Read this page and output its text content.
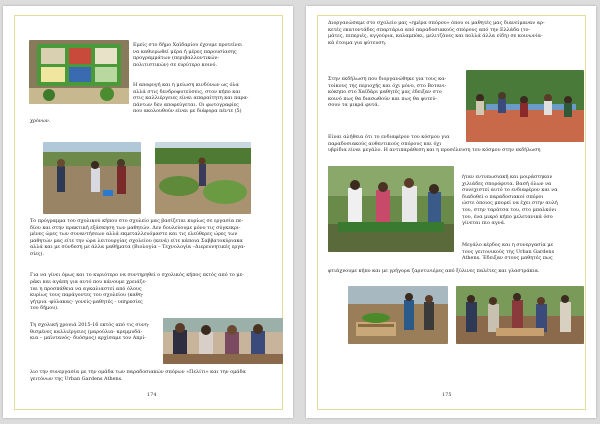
Εμείς στο δήμο Χαϊδαρίου έχουμε προτείνει
να καθιερωθεί μέρα ή μέρες παρουσίασης
προγραμμάτων (περιβαλλοντικών-
πολιτιστικών) σε ευρύτερο κοινό.
Η αποφυγή και η μείωση κινδύνων ως όλα
αλλά στις δενδροφυτεύσεις, στον κήπο και
στις καλλιέργειες είναι απαραίτητη και παρα-
πάντων δεν αποφεύγεται. Οι φωτογραφίες
που ακολουθούν είναι με διάφορα πέντε (5)
χρόνων.
Το πρόγραμμα του σχολικού κήπου στο σχολείο μας βασίζεται κυρίως σε εργασία πε-
δίου και στην πρακτική εξάσκηση των μαθητών. Δεν δουλεύουμε μόνο τις σύγκεκρι-
μένες ώρες των συναντήσεων αλλά εκμεταλλευόμαστε και τις ελεύθερες ώρες των
μαθητών μας είτε την ώρα λειτουργίας σχολείου (κενά) είτε κάποια Σαββατοκύριακα
αλλά και με σύνδεση με άλλα μαθήματα (Βιολογία – Τεχνολογία –Διερευνητικές εργα-
σίες).
Για να γίνει όμως και το κυριότερο να συντηρηθεί ο σχολικός κήπος εκτός από το με-
ράκι και αγάπη για αυτό που κάνουμε χρειάζε-
ται η προσπάθεια να αγκαλιαστεί από όλους
κυρίως τους παράγοντες του σχολείου (καθη-
γήτρια -φύλακας- γονείς-μαθητές - υπηρεσίες
του δήμου).
Τη σχολική χρονιά 2015-16 εκτός από τις συνη-
θισμένες καλλιέργειες (μαρούλια- κρεμμυδά-
κια – μαϊντανός- δυόσμος) αρχίσαμε τον Απρί-
λιο την συνεργασία με την ομάδα των παραδοσιακών σπόρων «Πελίτι» και την ομάδα
γειτόνων της Urban Gardens Athens.
174
Διοργανώσαμε στο σχολείο μας «ημέρα σπόρου» όπου οι μαθητές μας διανείμαναν αρ-
κετές εκατοντάδες σπαρτάρια από παραδοσιακούς σπόρους από την Ελλάδα (το-
μάτες, πιπεριές, αγγούρια, καλαμπόκι, μελιτζάνες και πολλά άλλα είδη) σε κοινωνία-
κά έτοιμα για φύτευση.
Στην εκδήλωση που διοργανώθηκε για τους κα-
τοίκους της περιοχής και όχι μόνο, στο Βοτανι-
κόκηπο στο Χαϊδάρι μαθητές μας έδειξαν στο
κοινό πως θα διασωθούν και πως θα φυτεύ-
σουν τα μικρά φυτά.
Είναι αλήθεια ότι το ενδιαφέρον του κόσμου για
παραδοσιακούς αυθεντικούς σπόρους και όχι
υβρίδια είναι μεγάλο. Η αντιπαράθεση και η προσέλευση του κόσμου στην εκδήλωση
ήταν εντυπωσιακή και μοιράστηκαν
χιλιάδες σπορόφυτα. Βασή όλων να
συνεχιστεί αυτό το ενδιαφέρον και να
διαδοθεί ο παραδοσιακοί σπόροι
ώστε όποιος μπορεί να έχει στην αυλή
του, στην ταράτσα του, στο μπαλκόνι
του, ένα μικρό κήπο μελετανικά όσο
γίνεται πιο αγνά.
Μεγάλο κέρδος και η συνεργασία με
τους γειτονικούς της Urban Gardens
Athens. Έδειξαν στους μαθητές πως
φτιάχνουμε κήπο και με γρήγορα ζαρντινιέρες από ξύλινες παλέτες και γλαστράκια.
175
